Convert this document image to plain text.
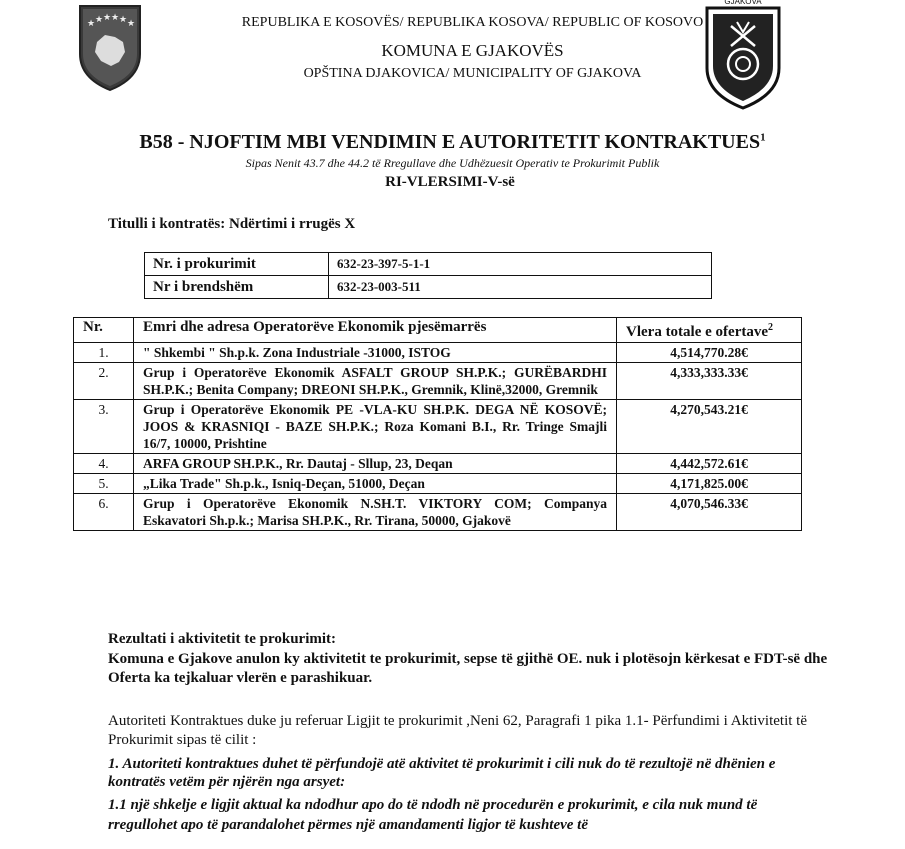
★ ★ ★ ★ ★ ★	REPUBLIKA E KOSOVËS/ REPUBLIKA KOSOVA/ REPUBLIC OF KOSOVO
KOMUNA E GJAKOVËS
OPŠTINA DJAKOVICA/ MUNICIPALITY OF GJAKOVA
GJAKOVA
B58 - NJOFTIM MBI VENDIMIN E AUTORITETIT KONTRAKTUES$^1$
Sipas Nenit 43.7 dhe 44.2 të Rregullave dhe Udhëzuesit Operativ te Prokurimit Publik
RI-VLERSIMI-V-së
Titulli i kontratës: Ndërtimi i rrugës X
Nr. i prokurimit	632-23-397-5-1-1
Nr i brendshëm	632-23-003-511
Nr.	Emri dhe adresa Operatorëve Ekonomik pjesëmarrës	Vlera totale e ofertave$^2$
1.	" Shkembi " Sh.p.k. Zona Industriale -31000, ISTOG	4,514,770.28€
2.	Grup i Operatorëve Ekonomik ASFALT GROUP SH.P.K.; GURËBARDHI SH.P.K.; Benita Company; DREONI SH.P.K., Gremnik, Klinë,32000, Gremnik	4,333,333.33€
3.	Grup i Operatorëve Ekonomik PE -VLA-KU SH.P.K. DEGA NË KOSOVË; JOOS & KRASNIQI - BAZE SH.P.K.; Roza Komani B.I., Rr. Tringe Smajli 16/7, 10000, Prishtine	4,270,543.21€
4.	ARFA GROUP SH.P.K., Rr. Dautaj - Sllup, 23, Deqan	4,442,572.61€
5.	„Lika Trade" Sh.p.k., Isniq-Deçan, 51000, Deçan	4,171,825.00€
6.	Grup i Operatorëve Ekonomik N.SH.T. VIKTORY COM; Companya Eskavatori Sh.p.k.; Marisa SH.P.K., Rr. Tirana, 50000, Gjakovë	4,070,546.33€
Rezultati i aktivitetit te prokurimit:
Komuna e Gjakove anulon ky aktivitetit te prokurimit, sepse të gjithë OE. nuk i plotësojn kërkesat e FDT-së dhe Oferta ka tejkaluar vlerën e parashikuar.
Autoriteti Kontraktues duke ju referuar Ligjit te prokurimit ,Neni 62, Paragrafi 1 pika 1.1- Përfundimi i Aktivitetit të Prokurimit sipas të cilit :
1. Autoriteti kontraktues duhet të përfundojë atë aktivitet të prokurimit i cili nuk do të rezultojë në dhënien e kontratës vetëm për njërën nga arsyet:
1.1 një shkelje e ligjit aktual ka ndodhur apo do të ndodh në procedurën e prokurimit, e cila nuk mund të rregullohet apo të parandalohet përmes një amandamenti ligjor të kushteve të
